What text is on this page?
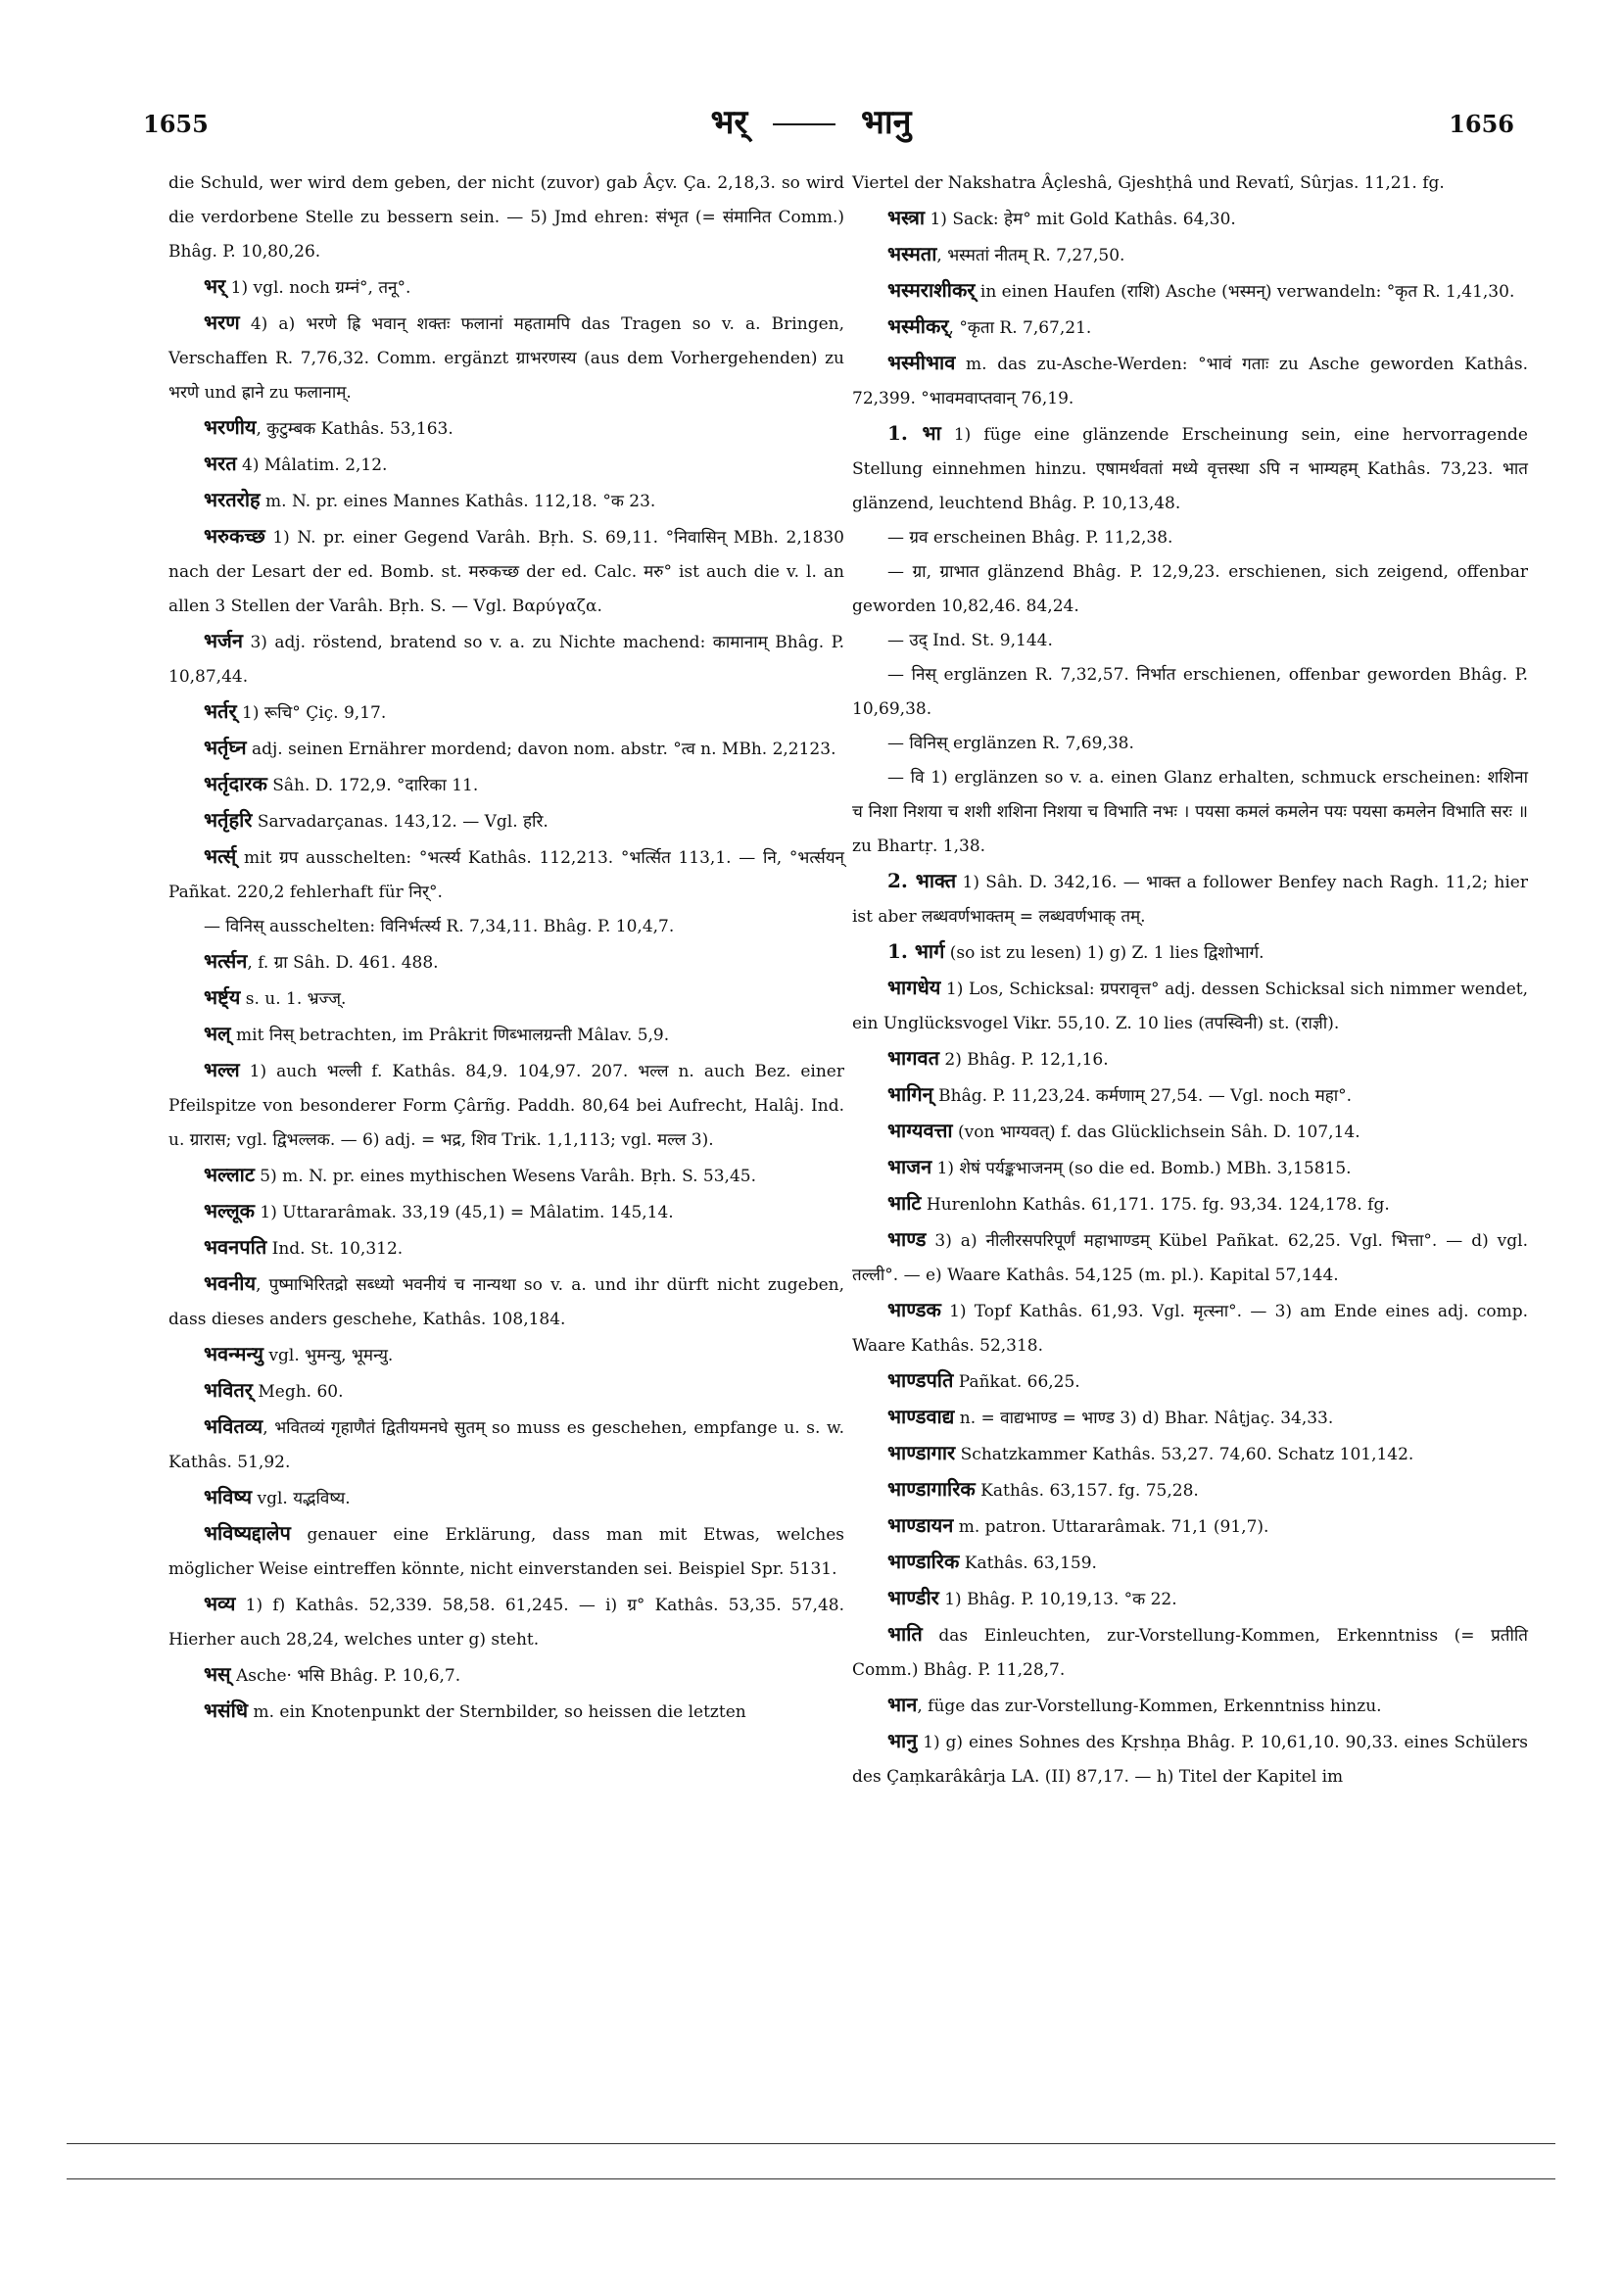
1655	भर्	भानु	1656
die Schuld, wer wird dem geben, der nicht (zuvor) gab Âçv. Ça. 2,18,3. so wird die verdorbene Stelle zu bessern sein. — 5) Jmd ehren: संभृत (= संमानित Comm.) Bhâg. P. 10,80,26.
भर् 1) vgl. noch ग्रम्नं°, तनू°.
भरण 4) a) भरणे ह्रि भवान् शक्तः फलानां महतामपि das Tragen so v. a. Bringen, Verschaffen R. 7,76,32. Comm. ergänzt ग्राभरणस्य (aus dem Vorhergehenden) zu भरणे und ह्राने zu फलानाम्.
भरणीय, कुटुम्बक Kathâs. 53,163.
भरत 4) Mâlatim. 2,12.
भरतरोह m. N. pr. eines Mannes Kathâs. 112,18. °क 23.
भरुकच्छ 1) N. pr. einer Gegend Varâh. Bṛh. S. 69,11. °निवासिन् MBh. 2,1830 nach der Lesart der ed. Bomb. st. मरुकच्छ der ed. Calc. मरु° ist auch die v. l. an allen 3 Stellen der Varâh. Bṛh. S. — Vgl. Βαρύγαζα.
भर्जन 3) adj. röstend, bratend so v. a. zu Nichte machend: कामानाम् Bhâg. P. 10,87,44.
भर्तर् 1) रूचि° Çiç. 9,17.
भर्तृघ्न adj. seinen Ernährer mordend; davon nom. abstr. °त्व n. MBh. 2,2123.
भर्तृदारक Sâh. D. 172,9. °दारिका 11.
भर्तृहरि Sarvadarçanas. 143,12. — Vgl. हरि.
भर्त्स् mit ग्रप ausschelten: °भर्त्स्य Kathâs. 112,213. °भर्त्सित 113,1. — नि, °भर्त्सयन् Pañkat. 220,2 fehlerhaft für निर्°.
— विनिस् ausschelten: विनिर्भर्त्स्य R. 7,34,11. Bhâg. P. 10,4,7.
भर्त्सन, f. ग्रा Sâh. D. 461. 488.
भर्ष्ट्य s. u. 1. भ्रज्ज्.
भल् mit निस् betrachten, im Prâkrit णिब्भालग्रन्ती Mâlav. 5,9.
भल्ल 1) auch भल्ली f. Kathâs. 84,9. 104,97. 207. भल्ल n. auch Bez. einer Pfeilspitze von besonderer Form Çârñg. Paddh. 80,64 bei Aufrecht, Halâj. Ind. u. ग्रारास; vgl. द्विभल्लक. — 6) adj. = भद्र, शिव Trik. 1,1,113; vgl. मल्ल 3).
भल्लाट 5) m. N. pr. eines mythischen Wesens Varâh. Bṛh. S. 53,45.
भल्लूक 1) Uttararâmak. 33,19 (45,1) = Mâlatim. 145,14.
भवनपति Ind. St. 10,312.
भवनीय, पुष्माभिरितद्रो सब्ध्यो भवनीयं च नान्यथा so v. a. und ihr dürft nicht zugeben, dass dieses anders geschehe, Kathâs. 108,184.
भवन्मन्यु vgl. भुमन्यु, भूमन्यु.
भवितर् Megh. 60.
भवितव्य, भवितव्यं गृहाणैतं द्वितीयमनघे सुतम् so muss es geschehen, empfange u. s. w. Kathâs. 51,92.
भविष्य vgl. यद्भविष्य.
भविष्यद्दालेप genauer eine Erklärung, dass man mit Etwas, welches möglicher Weise eintreffen könnte, nicht einverstanden sei. Beispiel Spr. 5131.
भव्य 1) f) Kathâs. 52,339. 58,58. 61,245. — i) ग्र° Kathâs. 53,35. 57,48. Hierher auch 28,24, welches unter g) steht.
भस् Asche· भसि Bhâg. P. 10,6,7.
भसंधि m. ein Knotenpunkt der Sternbilder, so heissen die letzten
Viertel der Nakshatra Âçleshâ, Gjeshṭhâ und Revatî, Sûrjas. 11,21. fg.
भस्त्रा 1) Sack: हेम° mit Gold Kathâs. 64,30.
भस्मता, भस्मतां नीतम् R. 7,27,50.
भस्मराशीकर् in einen Haufen (राशि) Asche (भस्मन्) verwandeln: °कृत R. 1,41,30.
भस्मीकर्, °कृता R. 7,67,21.
भस्मीभाव m. das zu-Asche-Werden: °भावं गताः zu Asche geworden Kathâs. 72,399. °भावमवाप्तवान् 76,19.
1. भा 1) füge eine glänzende Erscheinung sein, eine hervorragende Stellung einnehmen hinzu. एषामर्थवतां मध्ये वृत्तस्था ऽपि न भाम्यहम् Kathâs. 73,23. भात glänzend, leuchtend Bhâg. P. 10,13,48.
— ग्रव erscheinen Bhâg. P. 11,2,38.
— ग्रा, ग्राभात glänzend Bhâg. P. 12,9,23. erschienen, sich zeigend, offenbar geworden 10,82,46. 84,24.
— उद् Ind. St. 9,144.
— निस् erglänzen R. 7,32,57. निर्भात erschienen, offenbar geworden Bhâg. P. 10,69,38.
— विनिस् erglänzen R. 7,69,38.
— वि 1) erglänzen so v. a. einen Glanz erhalten, schmuck erscheinen: शशिना च निशा निशया च शशी शशिना निशया च विभाति नभः । पयसा कमलं कमलेन पयः पयसा कमलेन विभाति सरः ॥ zu Bhartṛ. 1,38.
2. भाक्त 1) Sâh. D. 342,16. — भाक्त a follower Benfey nach Ragh. 11,2; hier ist aber लब्धवर्णभाक्तम् = लब्धवर्णभाक् तम्.
1. भार्ग (so ist zu lesen) 1) g) Z. 1 lies द्विशोभार्ग.
भागधेय 1) Los, Schicksal: ग्रपरावृत्त° adj. dessen Schicksal sich nimmer wendet, ein Unglücksvogel Vikr. 55,10. Z. 10 lies (तपस्विनी) st. (राज्ञी).
भागवत 2) Bhâg. P. 12,1,16.
भागिन् Bhâg. P. 11,23,24. कर्मणाम् 27,54. — Vgl. noch महा°.
भाग्यवत्ता (von भाग्यवत्) f. das Glücklichsein Sâh. D. 107,14.
भाजन 1) शेषं पर्यङ्कभाजनम् (so die ed. Bomb.) MBh. 3,15815.
भाटि Hurenlohn Kathâs. 61,171. 175. fg. 93,34. 124,178. fg.
भाण्ड 3) a) नीलीरसपरिपूर्णं महाभाण्डम् Kübel Pañkat. 62,25. Vgl. भित्ता°. — d) vgl. तल्ली°. — e) Waare Kathâs. 54,125 (m. pl.). Kapital 57,144.
भाण्डक 1) Topf Kathâs. 61,93. Vgl. मृत्स्ना°. — 3) am Ende eines adj. comp. Waare Kathâs. 52,318.
भाण्डपति Pañkat. 66,25.
भाण्डवाद्य n. = वाद्यभाण्ड = भाण्ड 3) d) Bhar. Nâṭjaç. 34,33.
भाण्डागार Schatzkammer Kathâs. 53,27. 74,60. Schatz 101,142.
भाण्डागारिक Kathâs. 63,157. fg. 75,28.
भाण्डायन m. patron. Uttararâmak. 71,1 (91,7).
भाण्डारिक Kathâs. 63,159.
भाण्डीर 1) Bhâg. P. 10,19,13. °क 22.
भाति das Einleuchten, zur-Vorstellung-Kommen, Erkenntniss (= प्रतीति Comm.) Bhâg. P. 11,28,7.
भान, füge das zur-Vorstellung-Kommen, Erkenntniss hinzu.
भानु 1) g) eines Sohnes des Kṛshṇa Bhâg. P. 10,61,10. 90,33. eines Schülers des Çaṃkarâkârja LA. (II) 87,17. — h) Titel der Kapitel im
